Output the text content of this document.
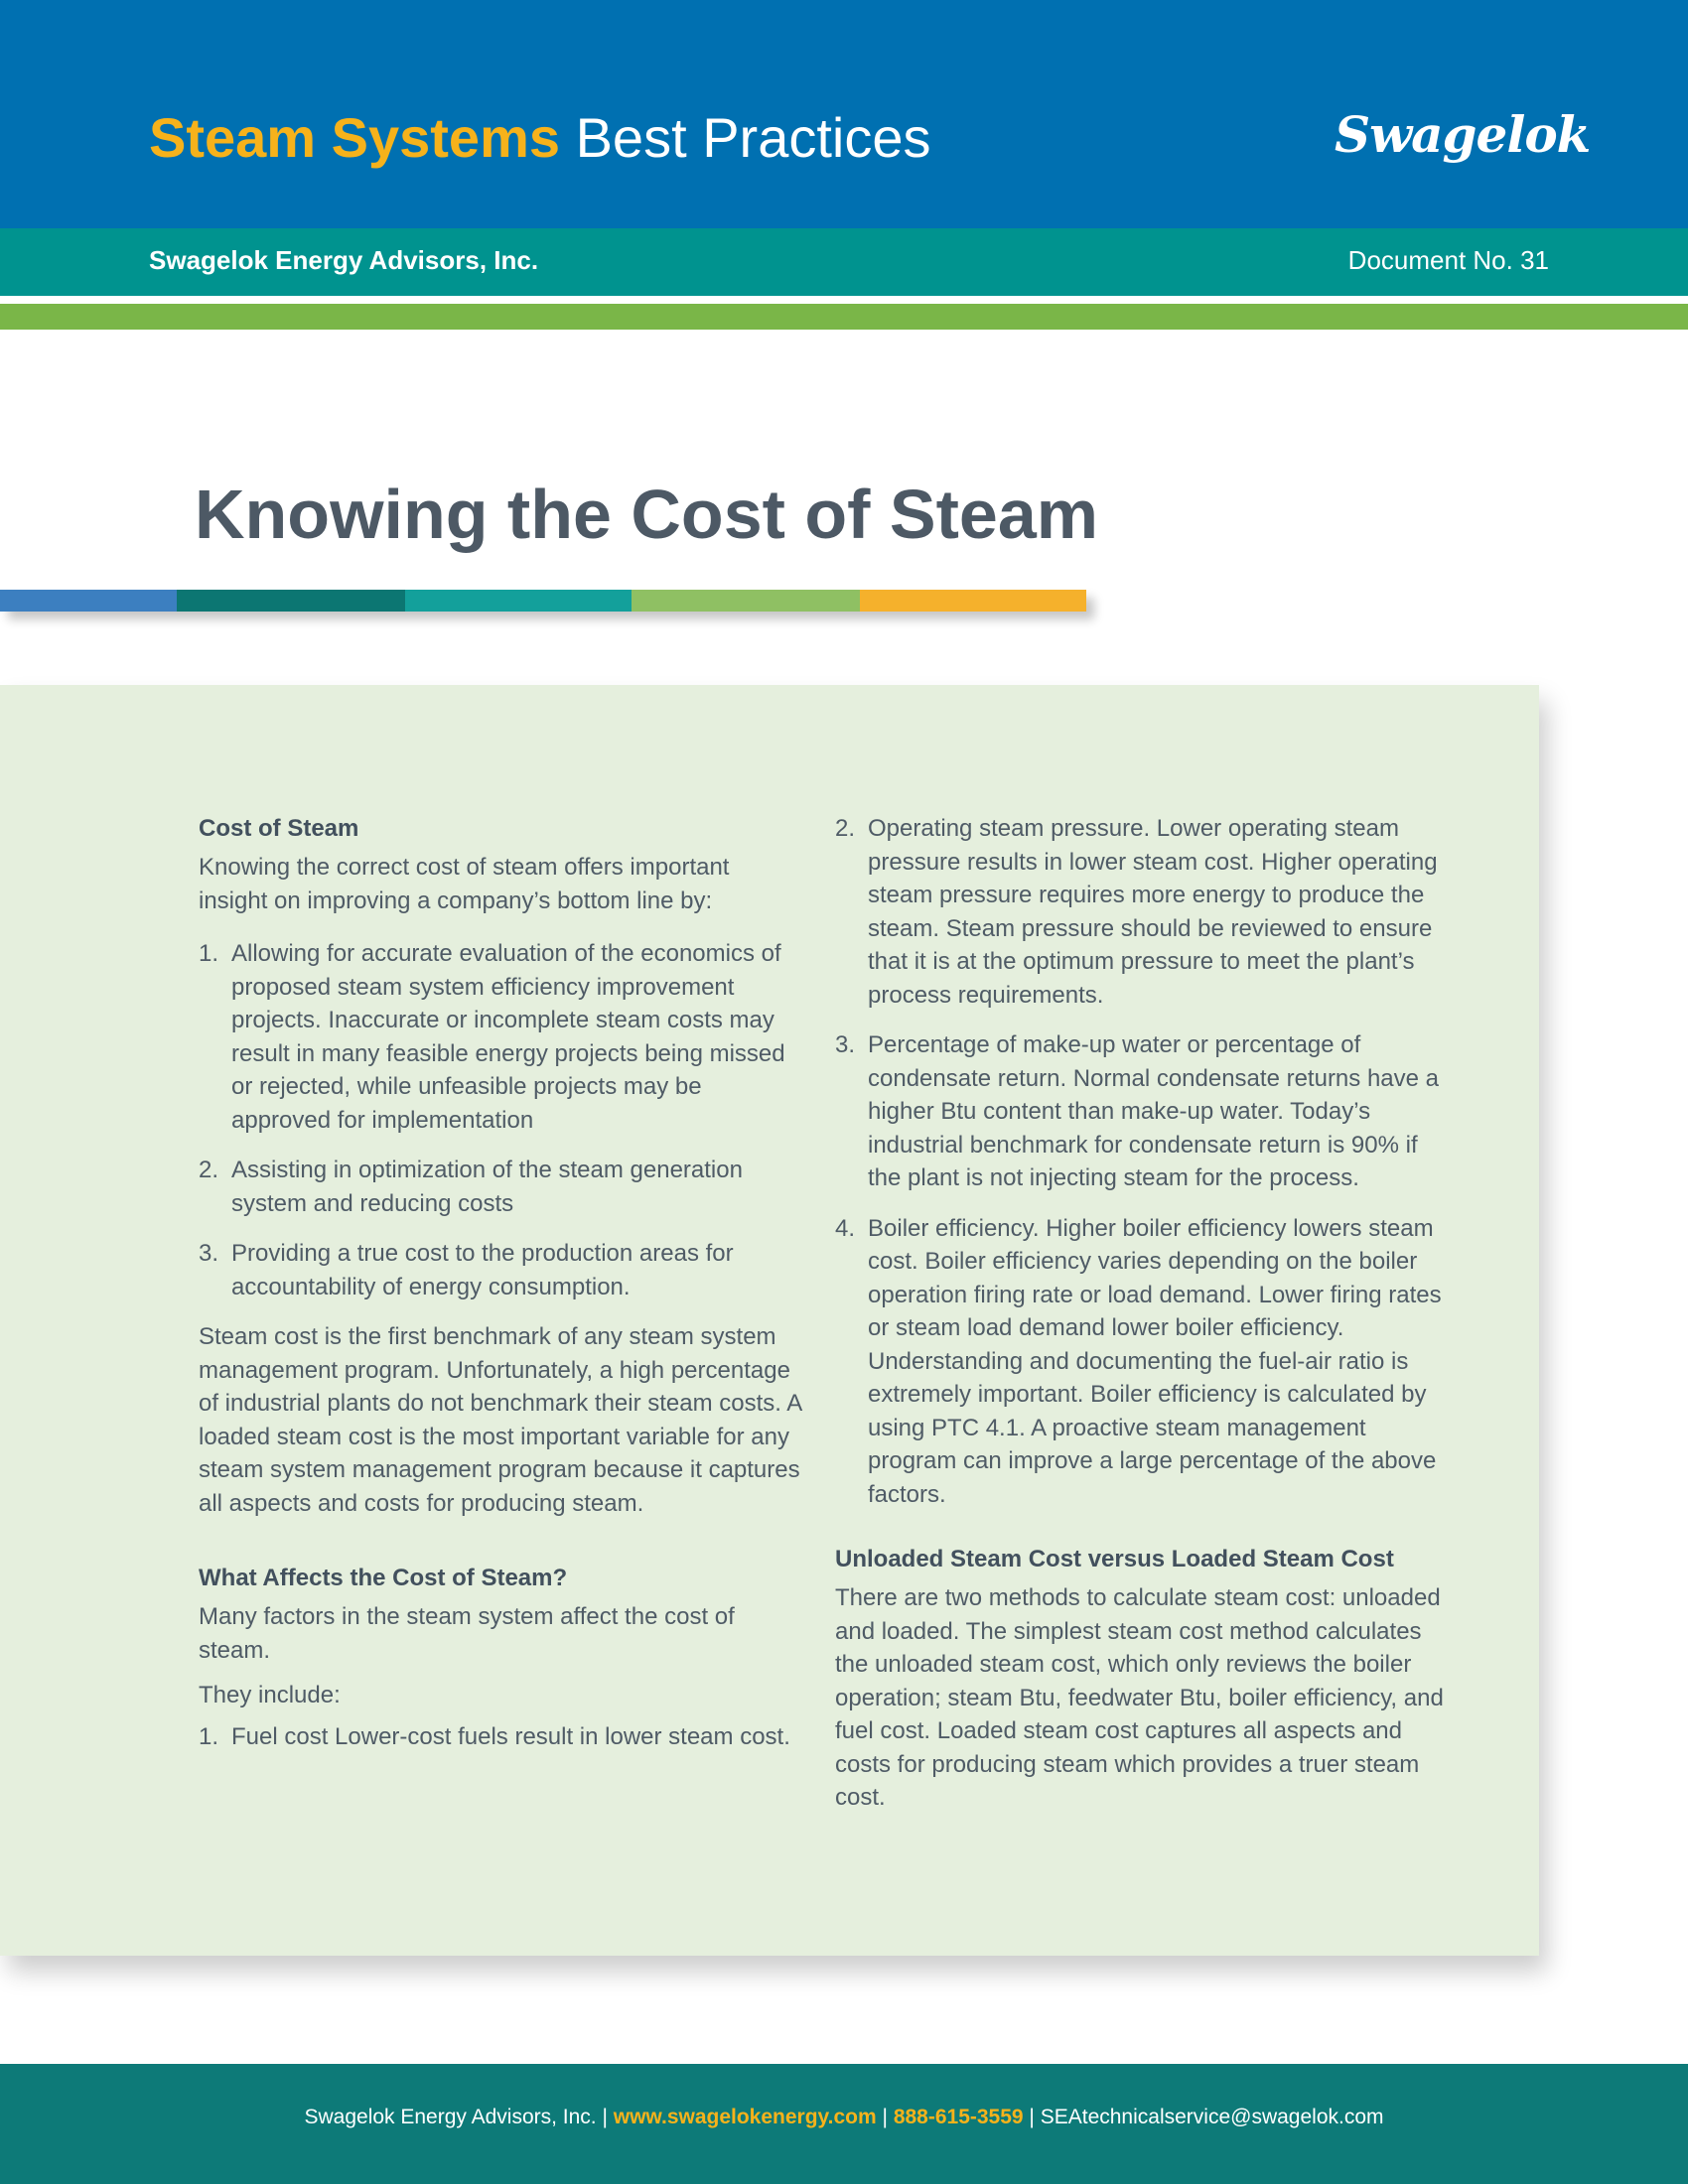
Steam Systems Best Practices	Swagelok
Swagelok Energy Advisors, Inc.	Document No. 31
Knowing the Cost of Steam
Cost of Steam

Knowing the correct cost of steam offers important insight on improving a company’s bottom line by:

1. Allowing for accurate evaluation of the economics of proposed steam system efficiency improvement projects. Inaccurate or incomplete steam costs may result in many feasible energy projects being missed or rejected, while unfeasible projects may be approved for implementation
2. Assisting in optimization of the steam generation system and reducing costs
3. Providing a true cost to the production areas for accountability of energy consumption.

Steam cost is the first benchmark of any steam system management program. Unfortunately, a high percentage of industrial plants do not benchmark their steam costs. A loaded steam cost is the most important variable for any steam system management program because it captures all aspects and costs for producing steam.

What Affects the Cost of Steam?

Many factors in the steam system affect the cost of steam.

They include:

1. Fuel cost Lower-cost fuels result in lower steam cost.
2. Operating steam pressure. Lower operating steam pressure results in lower steam cost. Higher operating steam pressure requires more energy to produce the steam. Steam pressure should be reviewed to ensure that it is at the optimum pressure to meet the plant’s process requirements.
3. Percentage of make-up water or percentage of condensate return. Normal condensate returns have a higher Btu content than make-up water. Today’s industrial benchmark for condensate return is 90% if the plant is not injecting steam for the process.
4. Boiler efficiency. Higher boiler efficiency lowers steam cost. Boiler efficiency varies depending on the boiler operation firing rate or load demand. Lower firing rates or steam load demand lower boiler efficiency. Understanding and documenting the fuel-air ratio is extremely important. Boiler efficiency is calculated by using PTC 4.1. A proactive steam management program can improve a large percentage of the above factors.
Unloaded Steam Cost versus Loaded Steam Cost

There are two methods to calculate steam cost: unloaded and loaded. The simplest steam cost method calculates the unloaded steam cost, which only reviews the boiler operation; steam Btu, feedwater Btu, boiler efficiency, and fuel cost. Loaded steam cost captures all aspects and costs for producing steam which provides a truer steam cost.

Swagelok Energy Advisors, Inc. | www.swagelokenergy.com | 888-615-3559 | SEAtechnicalservice@swagelok.com
